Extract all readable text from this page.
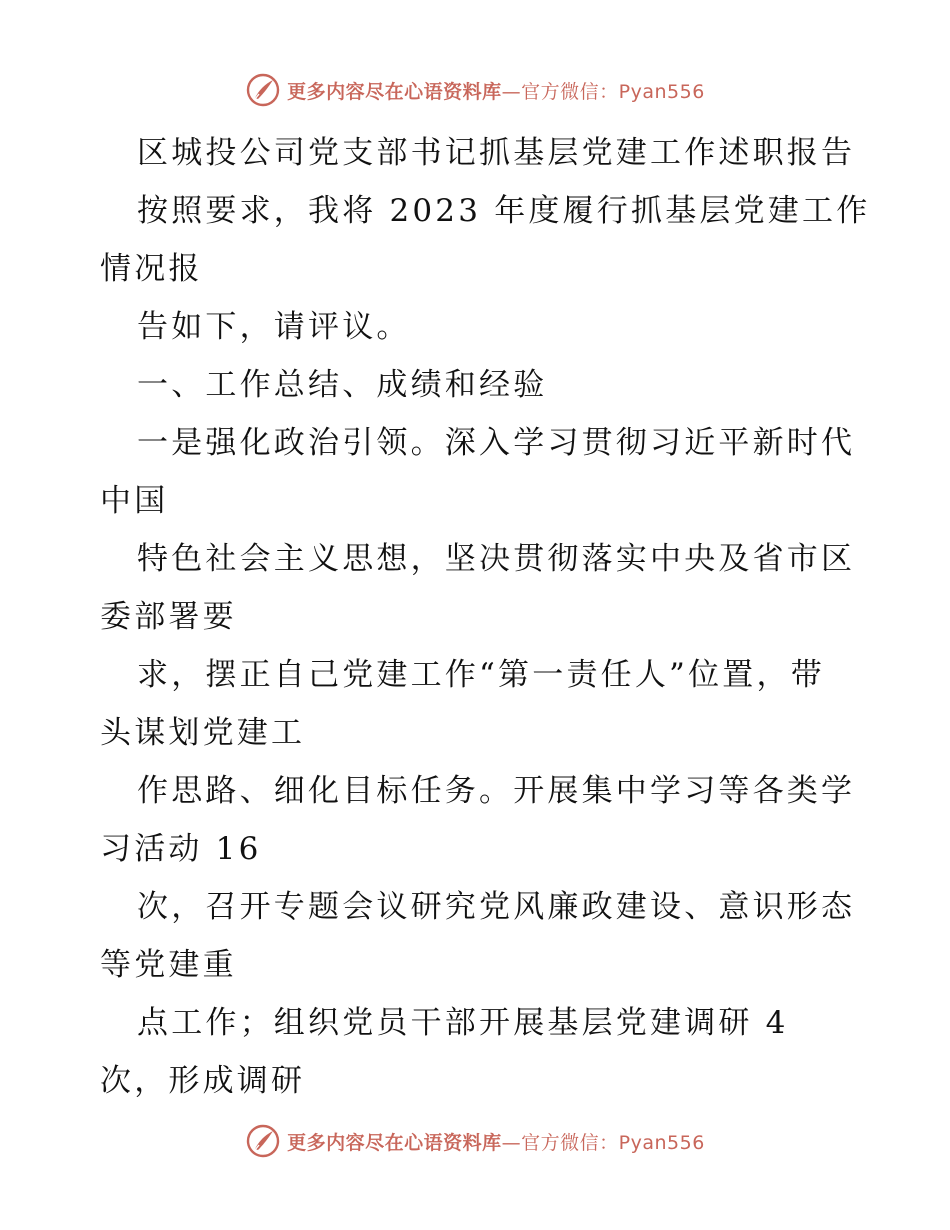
更多内容尽在心语资料库—官方微信：Pyan556
区城投公司党支部书记抓基层党建工作述职报告
按照要求，我将 2023 年度履行抓基层党建工作
情况报
告如下，请评议。
一、工作总结、成绩和经验
一是强化政治引领。深入学习贯彻习近平新时代
中国
特色社会主义思想，坚决贯彻落实中央及省市区
委部署要
求，摆正自己党建工作“第一责任人”位置，带
头谋划党建工
作思路、细化目标任务。开展集中学习等各类学
习活动 16
次，召开专题会议研究党风廉政建设、意识形态
等党建重
点工作；组织党员干部开展基层党建调研 4
次，形成调研
更多内容尽在心语资料库—官方微信：Pyan556
